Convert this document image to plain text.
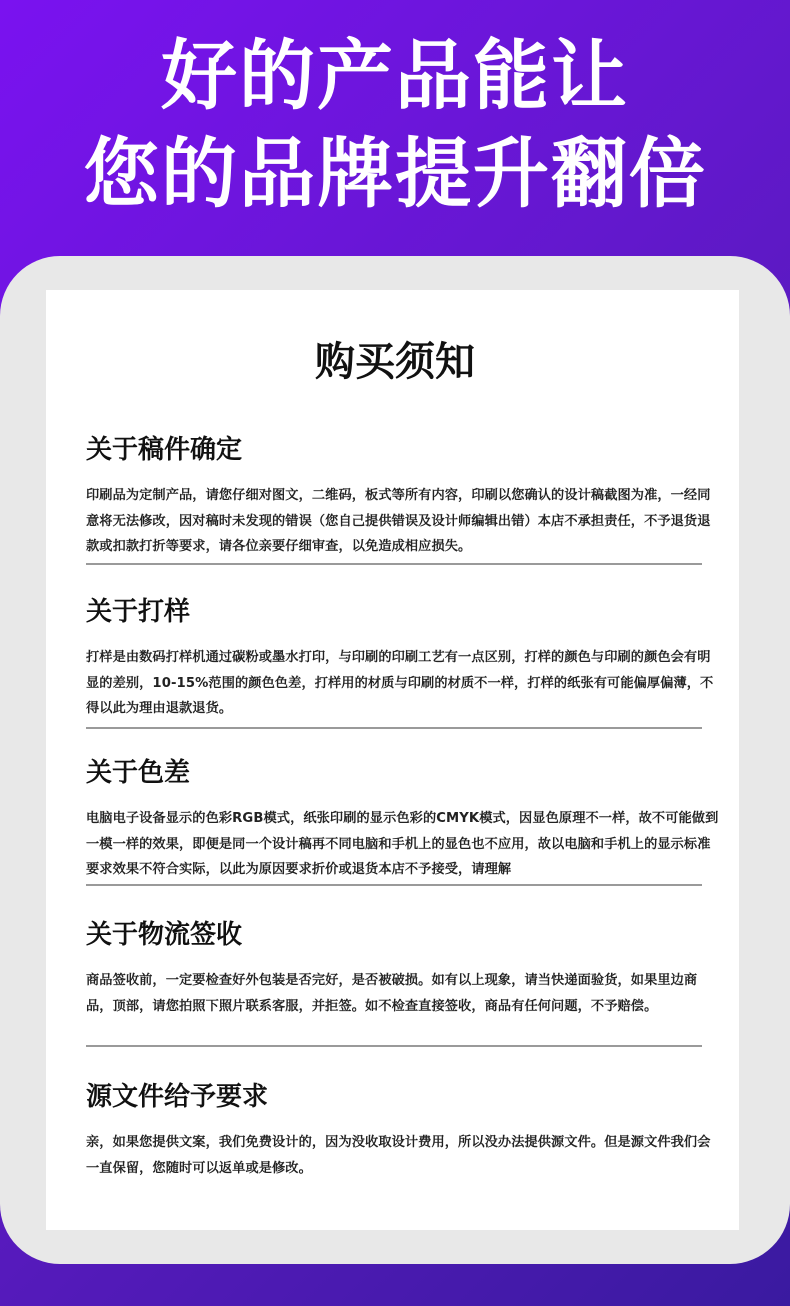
好的产品能让
您的品牌提升翻倍
购买须知
关于稿件确定

印刷品为定制产品，请您仔细对图文，二维码，板式等所有内容，印刷以您确认的设计稿截图为准，一经同意将无法修改，因对稿时未发现的错误（您自己提供错误及设计师编辑出错）本店不承担责任，不予退货退款或扣款打折等要求，请各位亲要仔细审查，以免造成相应损失。

关于打样

打样是由数码打样机通过碳粉或墨水打印，与印刷的印刷工艺有一点区别，打样的颜色与印刷的颜色会有明显的差别，10-15%范围的颜色色差，打样用的材质与印刷的材质不一样，打样的纸张有可能偏厚偏薄，不得以此为理由退款退货。

关于色差

电脑电子设备显示的色彩RGB模式，纸张印刷的显示色彩的CMYK模式，因显色原理不一样，故不可能做到一模一样的效果，即便是同一个设计稿再不同电脑和手机上的显色也不应用，故以电脑和手机上的显示标准要求效果不符合实际，以此为原因要求折价或退货本店不予接受，请理解

关于物流签收

商品签收前，一定要检查好外包装是否完好，是否被破损。如有以上现象，请当快递面验货，如果里边商品，顶部，请您拍照下照片联系客服，并拒签。如不检查直接签收，商品有任何问题，不予赔偿。

源文件给予要求

亲，如果您提供文案，我们免费设计的，因为没收取设计费用，所以没办法提供源文件。但是源文件我们会一直保留，您随时可以返单或是修改。
